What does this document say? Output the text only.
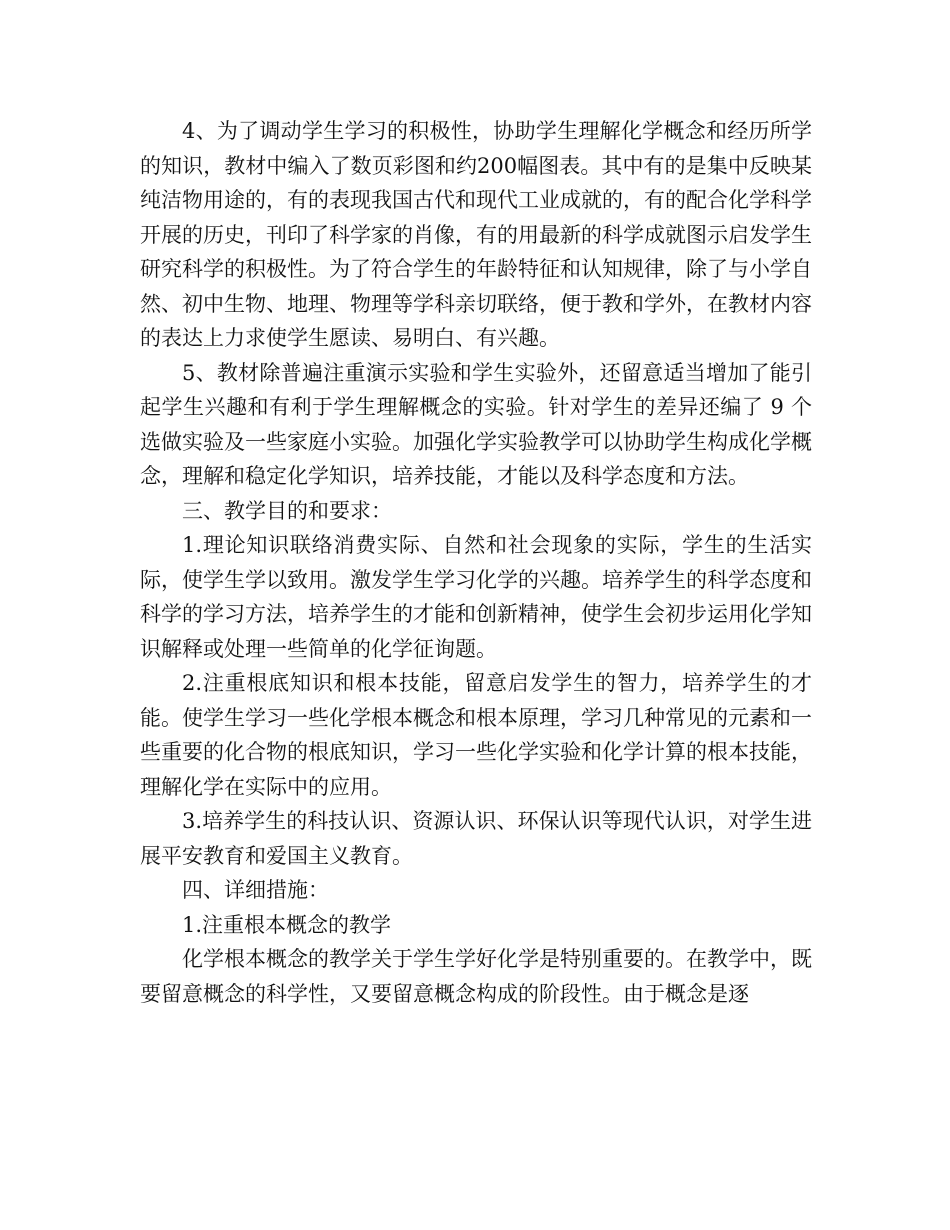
4、为了调动学生学习的积极性，协助学生理解化学概念和经历所学的知识，教材中编入了数页彩图和约200幅图表。其中有的是集中反映某纯洁物用途的，有的表现我国古代和现代工业成就的，有的配合化学科学开展的历史，刊印了科学家的肖像，有的用最新的科学成就图示启发学生研究科学的积极性。为了符合学生的年龄特征和认知规律，除了与小学自然、初中生物、地理、物理等学科亲切联络，便于教和学外，在教材内容的表达上力求使学生愿读、易明白、有兴趣。

5、教材除普遍注重演示实验和学生实验外，还留意适当增加了能引起学生兴趣和有利于学生理解概念的实验。针对学生的差异还编了 9 个选做实验及一些家庭小实验。加强化学实验教学可以协助学生构成化学概念，理解和稳定化学知识，培养技能，才能以及科学态度和方法。

三、教学目的和要求：

1.理论知识联络消费实际、自然和社会现象的实际，学生的生活实际，使学生学以致用。激发学生学习化学的兴趣。培养学生的科学态度和科学的学习方法，培养学生的才能和创新精神，使学生会初步运用化学知识解释或处理一些简单的化学征询题。

2.注重根底知识和根本技能，留意启发学生的智力，培养学生的才能。使学生学习一些化学根本概念和根本原理，学习几种常见的元素和一些重要的化合物的根底知识，学习一些化学实验和化学计算的根本技能，理解化学在实际中的应用。

3.培养学生的科技认识、资源认识、环保认识等现代认识，对学生进展平安教育和爱国主义教育。

四、详细措施：

1.注重根本概念的教学

化学根本概念的教学关于学生学好化学是特别重要的。在教学中，既要留意概念的科学性，又要留意概念构成的阶段性。由于概念是逐
